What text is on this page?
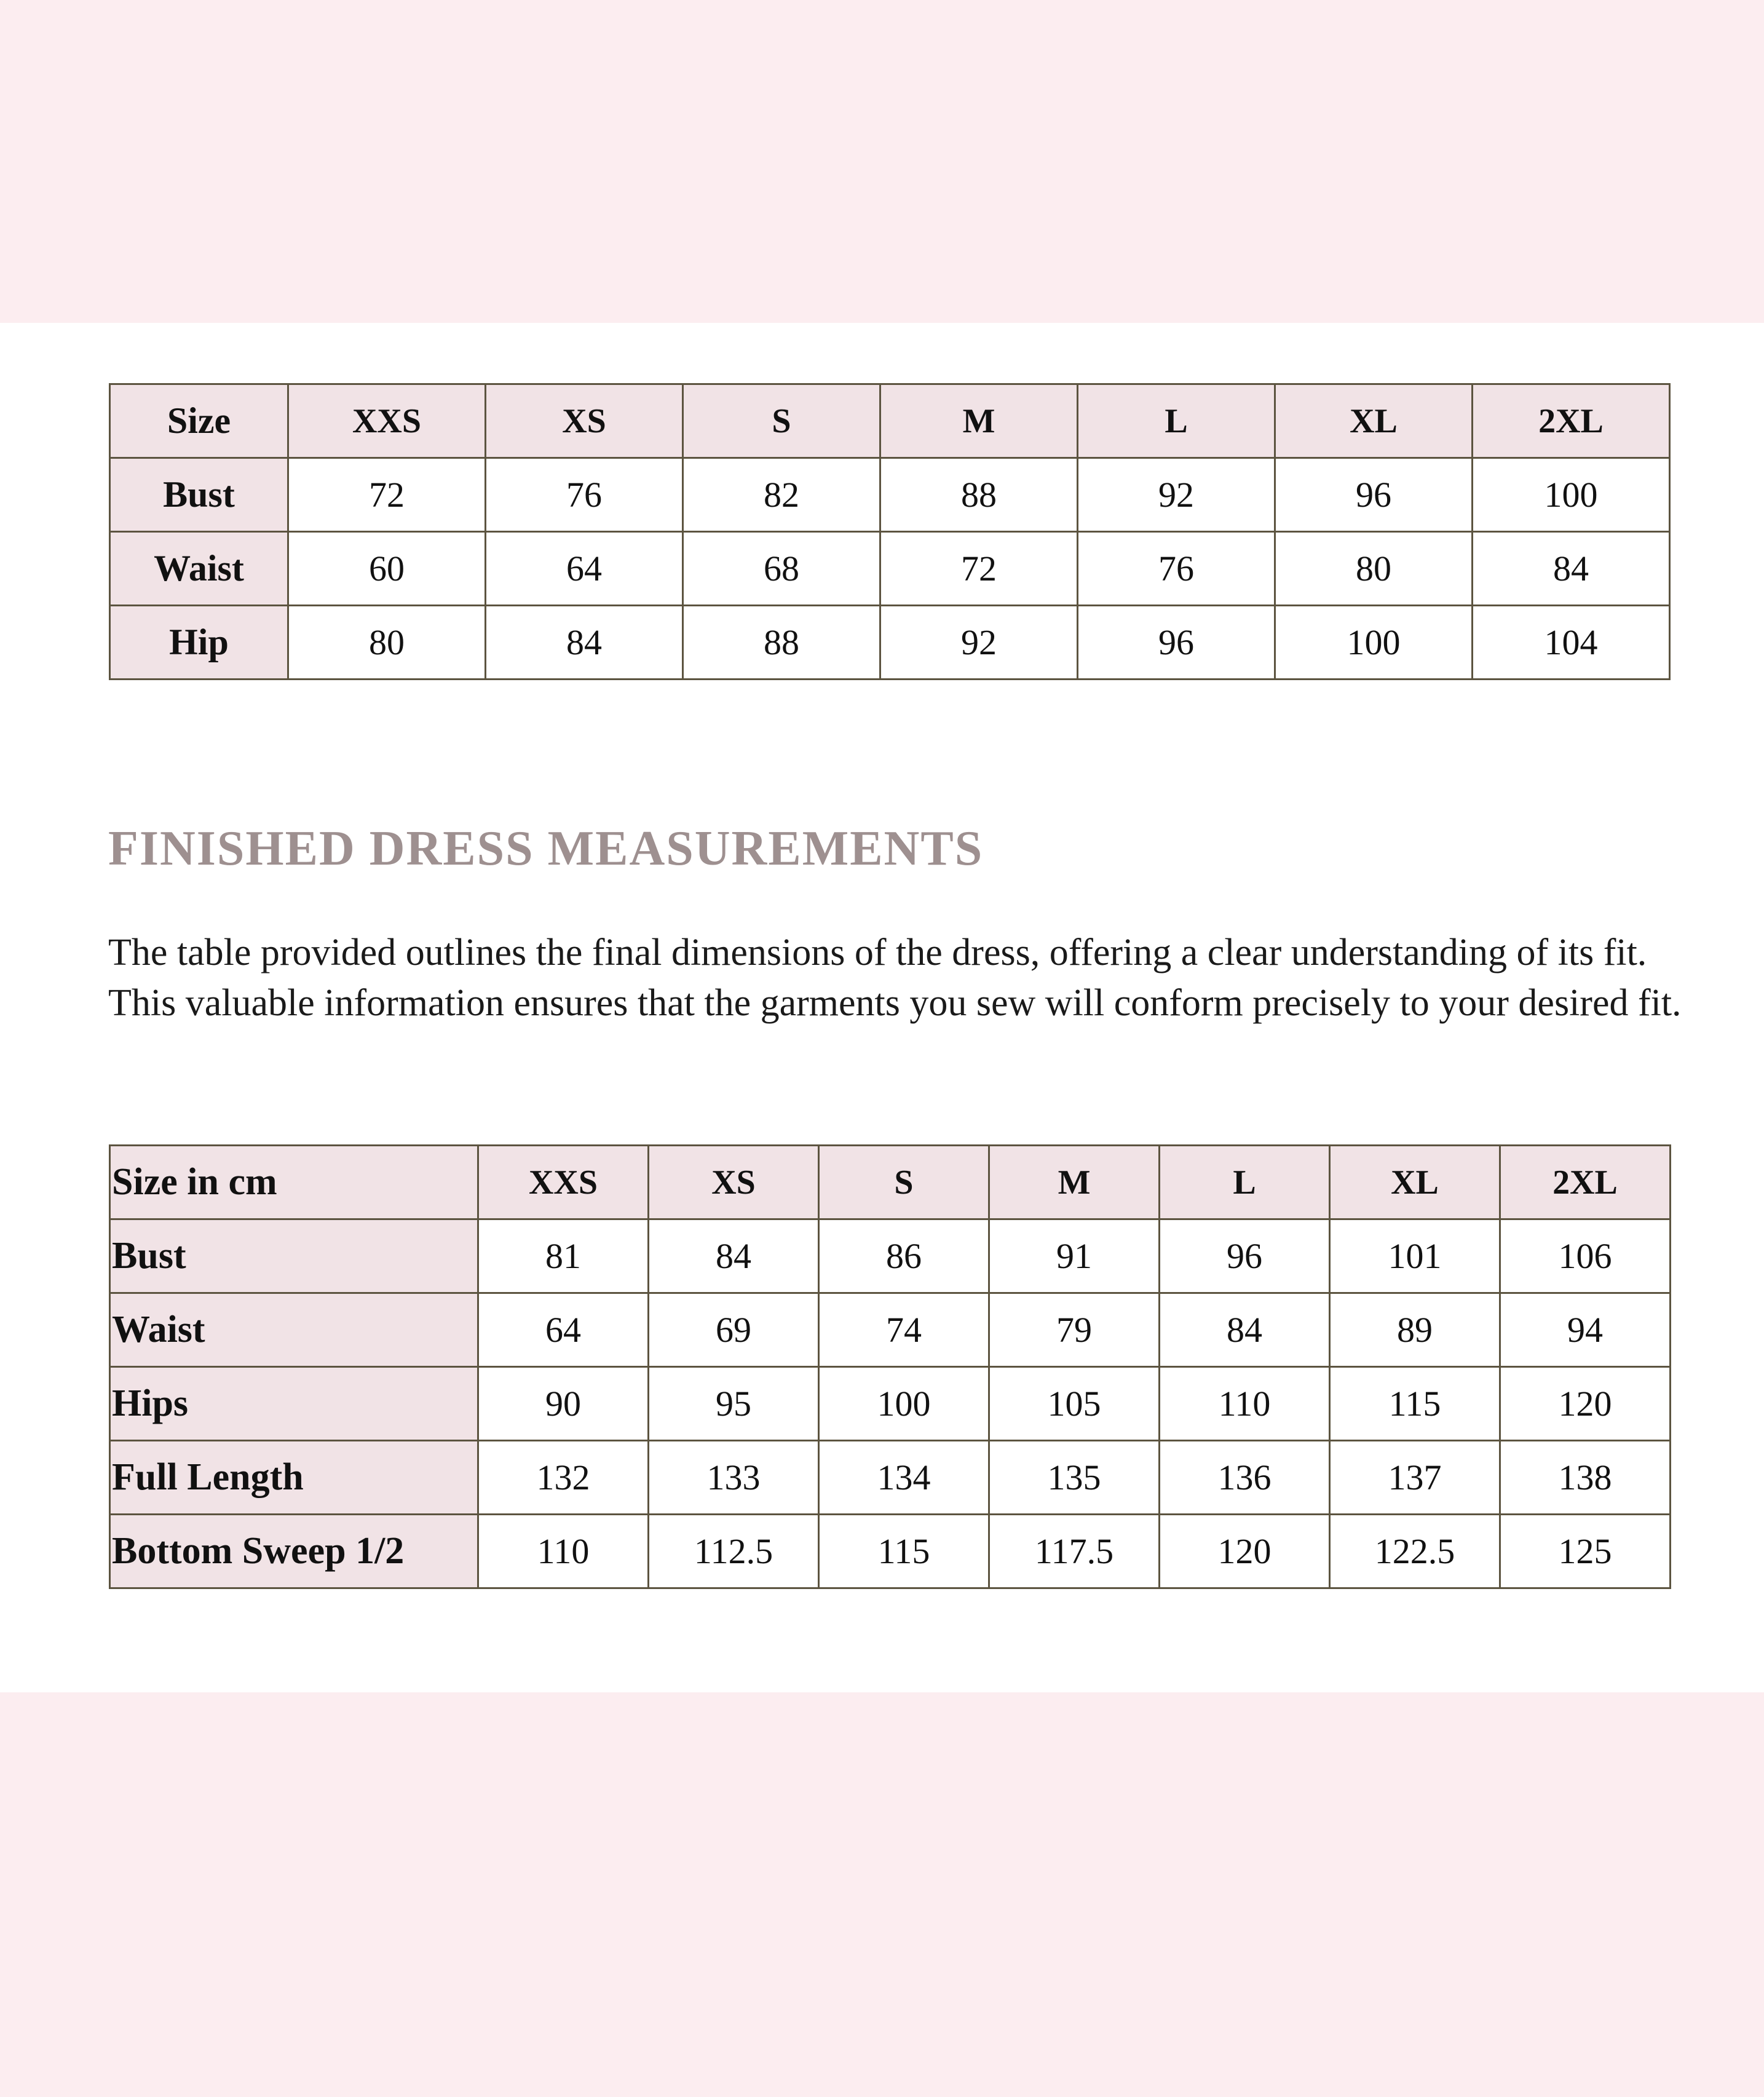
Size	XXS	XS	S	M	L	XL	2XL
Bust	72	76	82	88	92	96	100
Waist	60	64	68	72	76	80	84
Hip	80	84	88	92	96	100	104
FINISHED DRESS MEASUREMENTS

The table provided outlines the final dimensions of the dress, offering a clear understanding of its fit. This valuable information ensures that the garments you sew will conform precisely to your desired fit.

Size in cm	XXS	XS	S	M	L	XL	2XL
Bust	81	84	86	91	96	101	106
Waist	64	69	74	79	84	89	94
Hips	90	95	100	105	110	115	120
Full Length	132	133	134	135	136	137	138
Bottom Sweep 1/2	110	112.5	115	117.5	120	122.5	125
